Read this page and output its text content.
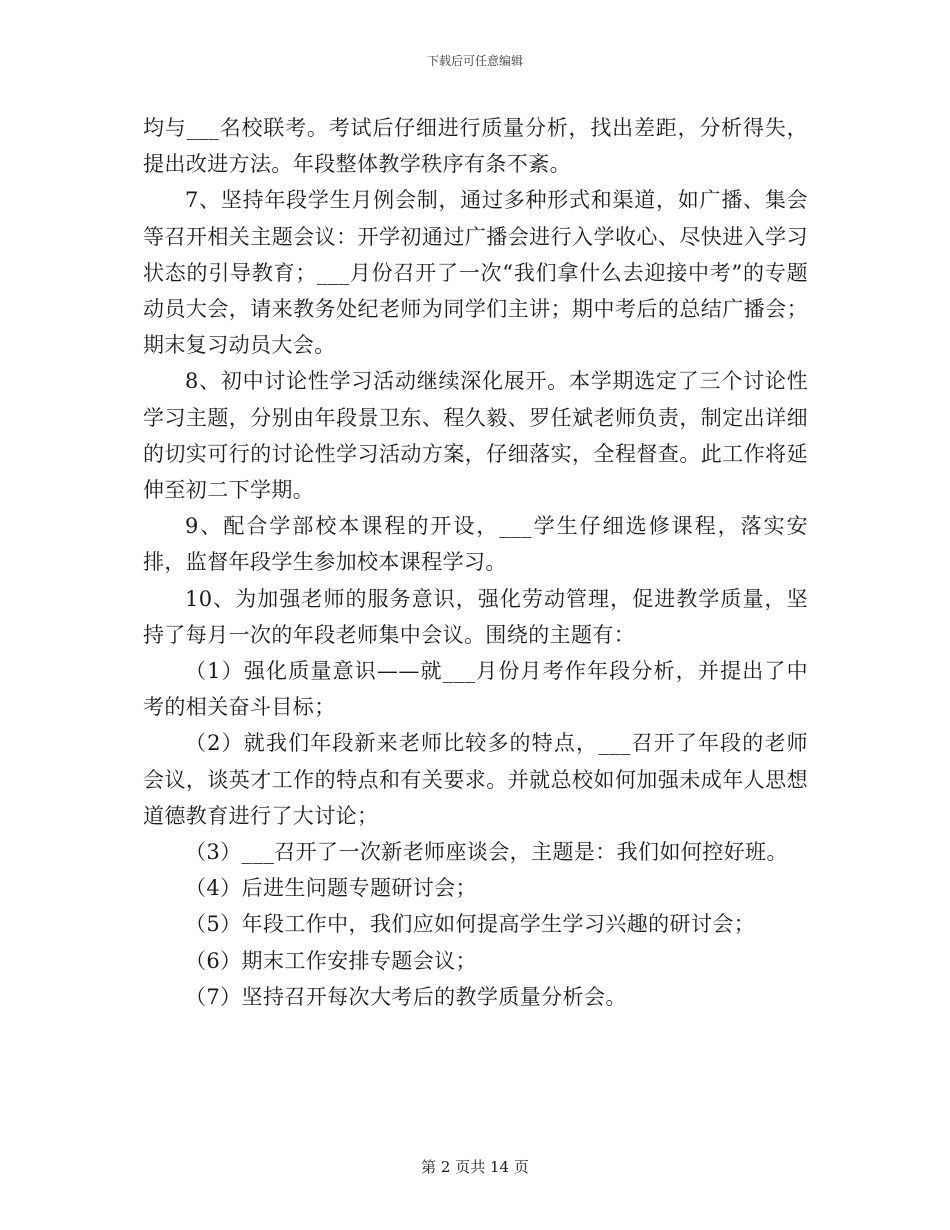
下载后可任意编辑

均与___名校联考。考试后仔细进行质量分析，找出差距，分析得失，提出改进方法。年段整体教学秩序有条不紊。

7、坚持年段学生月例会制，通过多种形式和渠道，如广播、集会等召开相关主题会议：开学初通过广播会进行入学收心、尽快进入学习状态的引导教育；___月份召开了一次“我们拿什么去迎接中考”的专题动员大会，请来教务处纪老师为同学们主讲；期中考后的总结广播会；期末复习动员大会。

8、初中讨论性学习活动继续深化展开。本学期选定了三个讨论性学习主题，分别由年段景卫东、程久毅、罗任斌老师负责，制定出详细的切实可行的讨论性学习活动方案，仔细落实，全程督查。此工作将延伸至初二下学期。

9、配合学部校本课程的开设，___学生仔细选修课程，落实安排，监督年段学生参加校本课程学习。

10、为加强老师的服务意识，强化劳动管理，促进教学质量，坚持了每月一次的年段老师集中会议。围绕的主题有：

（1）强化质量意识——就___月份月考作年段分析，并提出了中考的相关奋斗目标；

（2）就我们年段新来老师比较多的特点，___召开了年段的老师会议，谈英才工作的特点和有关要求。并就总校如何加强未成年人思想道德教育进行了大讨论；

（3）___召开了一次新老师座谈会，主题是：我们如何控好班。

（4）后进生问题专题研讨会；

（5）年段工作中，我们应如何提高学生学习兴趣的研讨会；

（6）期末工作安排专题会议；

（7）坚持召开每次大考后的教学质量分析会。

第 2 页共 14 页
